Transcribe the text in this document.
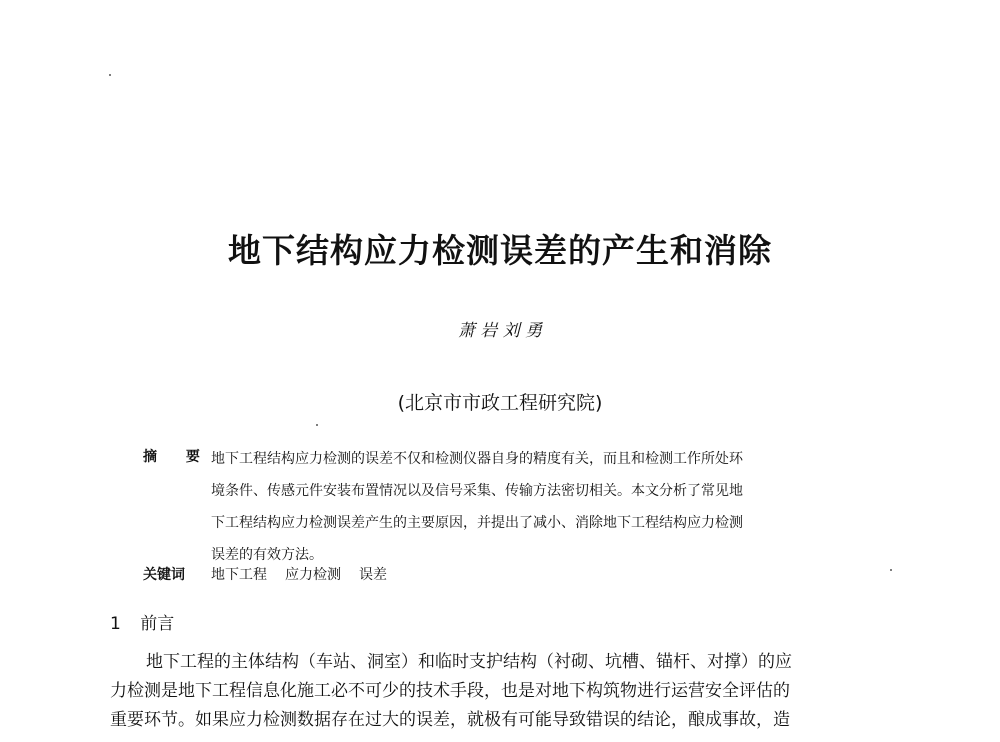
地下结构应力检测误差的产生和消除
萧 岩 刘 勇
(北京市市政工程研究院)
摘 要 地下工程结构应力检测的误差不仅和检测仪器自身的精度有关，而且和检测工作所处环
境条件、传感元件安装布置情况以及信号采集、传输方法密切相关。本文分析了常见地
下工程结构应力检测误差产生的主要原因，并提出了减小、消除地下工程结构应力检测
误差的有效方法。
关键词 地下工程 应力检测 误差
1 前言
地下工程的主体结构（车站、洞室）和临时支护结构（衬砌、坑槽、锚杆、对撑）的应
力检测是地下工程信息化施工必不可少的技术手段，也是对地下构筑物进行运营安全评估的
重要环节。如果应力检测数据存在过大的误差，就极有可能导致错误的结论，酿成事故，造
